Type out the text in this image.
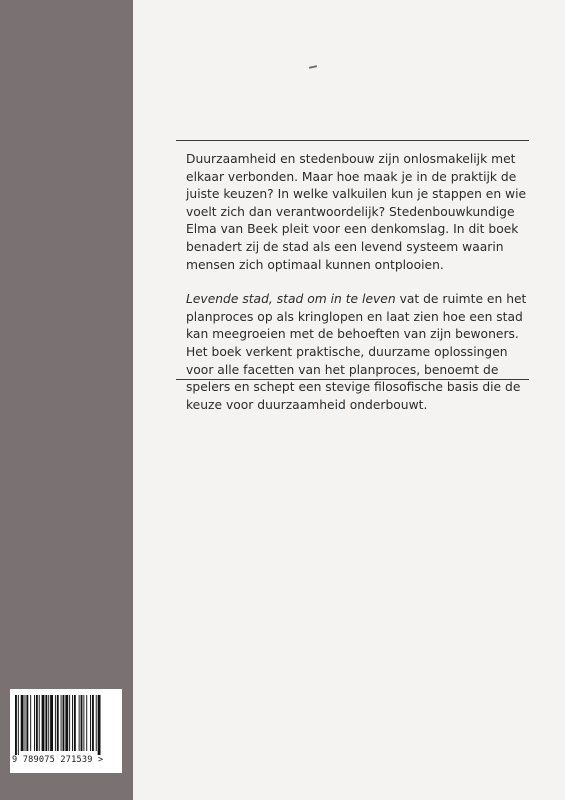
9 789075 271539 >

Duurzaamheid en stedenbouw zijn onlosmakelijk met

elkaar verbonden. Maar hoe maak je in de praktijk de

juiste keuzen? In welke valkuilen kun je stappen en wie

voelt zich dan verantwoordelijk? Stedenbouwkundige

Elma van Beek pleit voor een denkomslag. In dit boek

benadert zij de stad als een levend systeem waarin

mensen zich optimaal kunnen ontplooien.

Levende stad, stad om in te leven vat de ruimte en het

planproces op als kringlopen en laat zien hoe een stad

kan meegroeien met de behoeften van zijn bewoners.

Het boek verkent praktische, duurzame oplossingen

voor alle facetten van het planproces, benoemt de

spelers en schept een stevige filosofische basis die de

keuze voor duurzaamheid onderbouwt.
